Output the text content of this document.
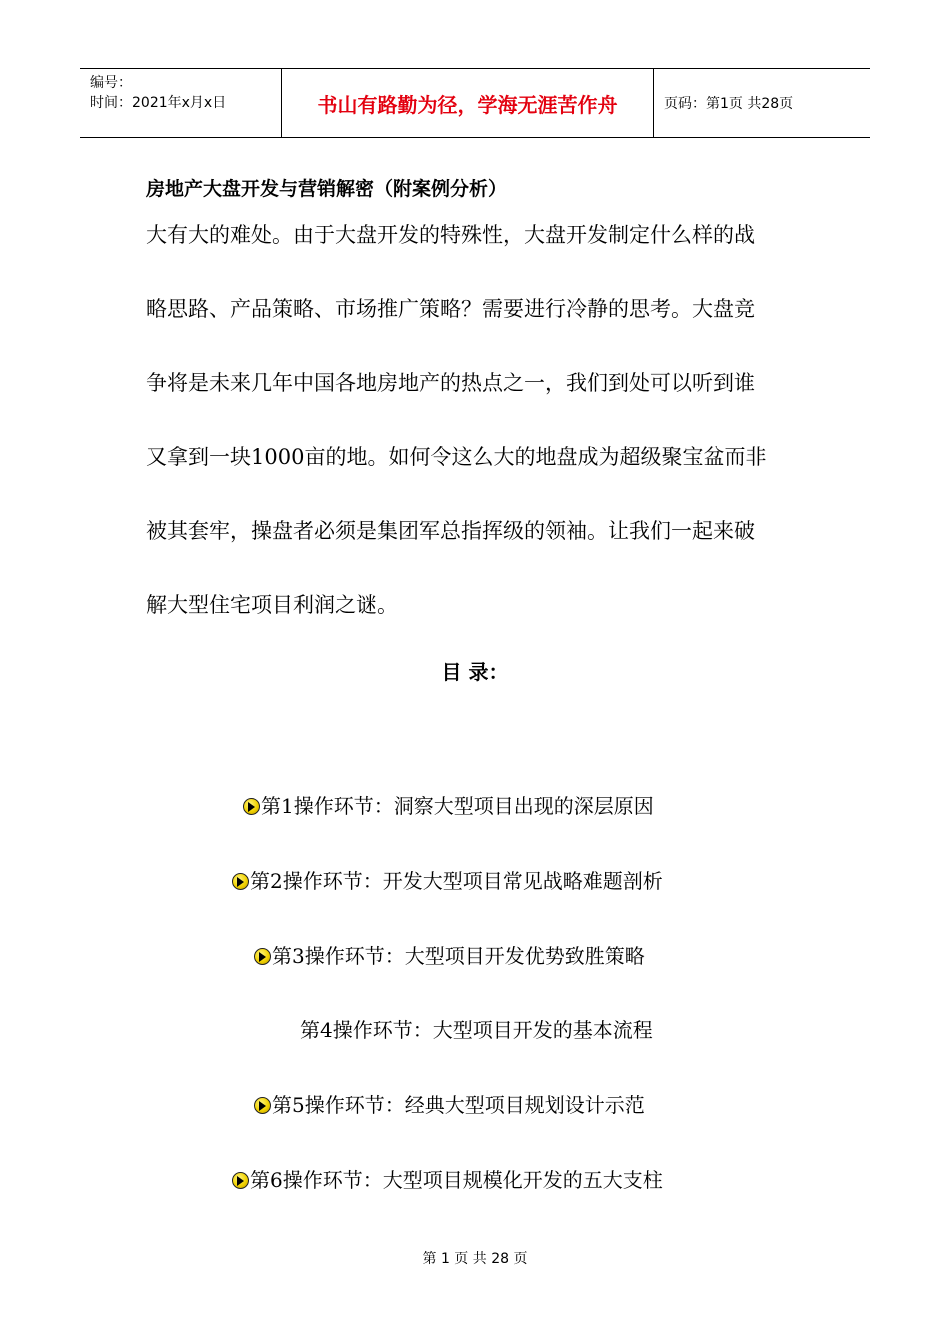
编号：
时间：2021年x月x日	书山有路勤为径，学海无涯苦作舟	页码：第1页 共28页
房地产大盘开发与营销解密（附案例分析）

大有大的难处。由于大盘开发的特殊性，大盘开发制定什么样的战

略思路、产品策略、市场推广策略？需要进行冷静的思考。大盘竞

争将是未来几年中国各地房地产的热点之一，我们到处可以听到谁

又拿到一块1000亩的地。如何令这么大的地盘成为超级聚宝盆而非

被其套牢，操盘者必须是集团军总指挥级的领袖。让我们一起来破

解大型住宅项目利润之谜。

目 录：
第1操作环节：洞察大型项目出现的深层原因
第2操作环节：开发大型项目常见战略难题剖析
第3操作环节：大型项目开发优势致胜策略
第4操作环节：大型项目开发的基本流程
第5操作环节：经典大型项目规划设计示范
第6操作环节：大型项目规模化开发的五大支柱
第 1 页 共 28 页
